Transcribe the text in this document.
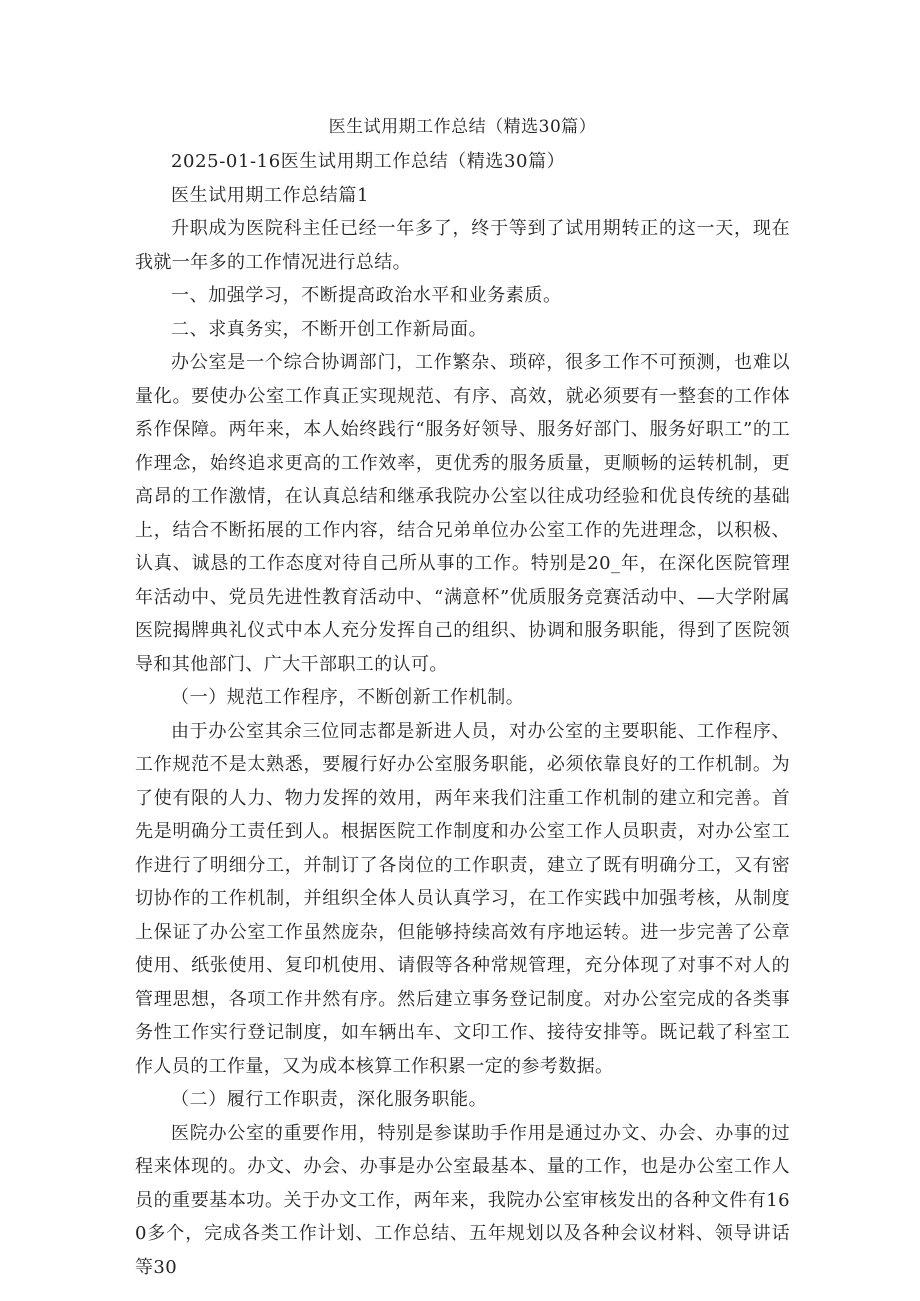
医生试用期工作总结（精选30篇）

2025-01-16医生试用期工作总结（精选30篇）

医生试用期工作总结篇1

升职成为医院科主任已经一年多了，终于等到了试用期转正的这一天，现在我就一年多的工作情况进行总结。

一、加强学习，不断提高政治水平和业务素质。

二、求真务实，不断开创工作新局面。

办公室是一个综合协调部门，工作繁杂、琐碎，很多工作不可预测，也难以量化。要使办公室工作真正实现规范、有序、高效，就必须要有一整套的工作体系作保障。两年来，本人始终践行“服务好领导、服务好部门、服务好职工”的工作理念，始终追求更高的工作效率，更优秀的服务质量，更顺畅的运转机制，更高昂的工作激情，在认真总结和继承我院办公室以往成功经验和优良传统的基础上，结合不断拓展的工作内容，结合兄弟单位办公室工作的先进理念，以积极、认真、诚恳的工作态度对待自己所从事的工作。特别是20_年，在深化医院管理年活动中、党员先进性教育活动中、“满意杯”优质服务竞赛活动中、—大学附属医院揭牌典礼仪式中本人充分发挥自己的组织、协调和服务职能，得到了医院领导和其他部门、广大干部职工的认可。

（一）规范工作程序，不断创新工作机制。

由于办公室其余三位同志都是新进人员，对办公室的主要职能、工作程序、工作规范不是太熟悉，要履行好办公室服务职能，必须依靠良好的工作机制。为了使有限的人力、物力发挥的效用，两年来我们注重工作机制的建立和完善。首先是明确分工责任到人。根据医院工作制度和办公室工作人员职责，对办公室工作进行了明细分工，并制订了各岗位的工作职责，建立了既有明确分工，又有密切协作的工作机制，并组织全体人员认真学习，在工作实践中加强考核，从制度上保证了办公室工作虽然庞杂，但能够持续高效有序地运转。进一步完善了公章使用、纸张使用、复印机使用、请假等各种常规管理，充分体现了对事不对人的管理思想，各项工作井然有序。然后建立事务登记制度。对办公室完成的各类事务性工作实行登记制度，如车辆出车、文印工作、接待安排等。既记载了科室工作人员的工作量，又为成本核算工作积累一定的参考数据。

（二）履行工作职责，深化服务职能。

医院办公室的重要作用，特别是参谋助手作用是通过办文、办会、办事的过程来体现的。办文、办会、办事是办公室最基本、量的工作，也是办公室工作人员的重要基本功。关于办文工作，两年来，我院办公室审核发出的各种文件有160多个，完成各类工作计划、工作总结、五年规划以及各种会议材料、领导讲话等30
